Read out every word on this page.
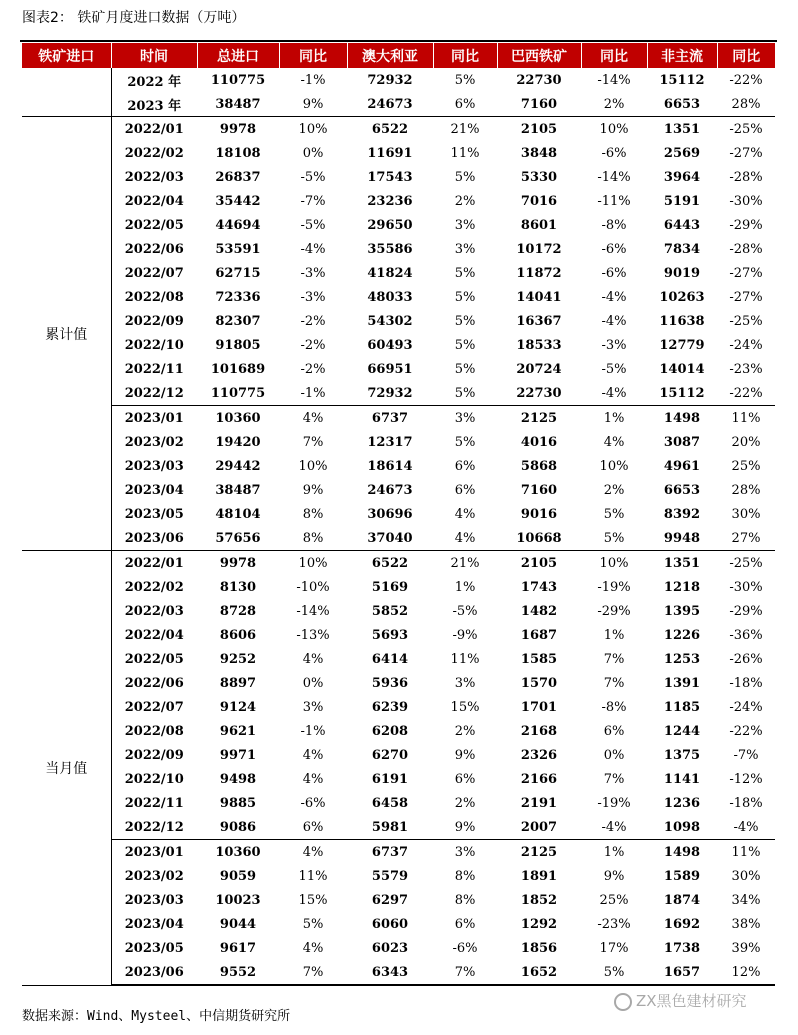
图表2： 铁矿月度进口数据（万吨）
铁矿进口	时间	总进口	同比	澳大利亚	同比	巴西铁矿	同比	非主流	同比
	2022 年	110775	-1%	72932	5%	22730	-14%	15112	-22%
	2023 年	38487	9%	24673	6%	7160	2%	6653	28%
累计值	2022/01	9978	10%	6522	21%	2105	10%	1351	-25%
	2022/02	18108	0%	11691	11%	3848	-6%	2569	-27%
	2022/03	26837	-5%	17543	5%	5330	-14%	3964	-28%
	2022/04	35442	-7%	23236	2%	7016	-11%	5191	-30%
	2022/05	44694	-5%	29650	3%	8601	-8%	6443	-29%
	2022/06	53591	-4%	35586	3%	10172	-6%	7834	-28%
	2022/07	62715	-3%	41824	5%	11872	-6%	9019	-27%
	2022/08	72336	-3%	48033	5%	14041	-4%	10263	-27%
	2022/09	82307	-2%	54302	5%	16367	-4%	11638	-25%
	2022/10	91805	-2%	60493	5%	18533	-3%	12779	-24%
	2022/11	101689	-2%	66951	5%	20724	-5%	14014	-23%
	2022/12	110775	-1%	72932	5%	22730	-4%	15112	-22%
	2023/01	10360	4%	6737	3%	2125	1%	1498	11%
	2023/02	19420	7%	12317	5%	4016	4%	3087	20%
	2023/03	29442	10%	18614	6%	5868	10%	4961	25%
	2023/04	38487	9%	24673	6%	7160	2%	6653	28%
	2023/05	48104	8%	30696	4%	9016	5%	8392	30%
	2023/06	57656	8%	37040	4%	10668	5%	9948	27%
当月值	2022/01	9978	10%	6522	21%	2105	10%	1351	-25%
	2022/02	8130	-10%	5169	1%	1743	-19%	1218	-30%
	2022/03	8728	-14%	5852	-5%	1482	-29%	1395	-29%
	2022/04	8606	-13%	5693	-9%	1687	1%	1226	-36%
	2022/05	9252	4%	6414	11%	1585	7%	1253	-26%
	2022/06	8897	0%	5936	3%	1570	7%	1391	-18%
	2022/07	9124	3%	6239	15%	1701	-8%	1185	-24%
	2022/08	9621	-1%	6208	2%	2168	6%	1244	-22%
	2022/09	9971	4%	6270	9%	2326	0%	1375	-7%
	2022/10	9498	4%	6191	6%	2166	7%	1141	-12%
	2022/11	9885	-6%	6458	2%	2191	-19%	1236	-18%
	2022/12	9086	6%	5981	9%	2007	-4%	1098	-4%
	2023/01	10360	4%	6737	3%	2125	1%	1498	11%
	2023/02	9059	11%	5579	8%	1891	9%	1589	30%
	2023/03	10023	15%	6297	8%	1852	25%	1874	34%
	2023/04	9044	5%	6060	6%	1292	-23%	1692	38%
	2023/05	9617	4%	6023	-6%	1856	17%	1738	39%
	2023/06	9552	7%	6343	7%	1652	5%	1657	12%
数据来源：Wind、Mysteel、中信期货研究所
ZX黑色建材研究
